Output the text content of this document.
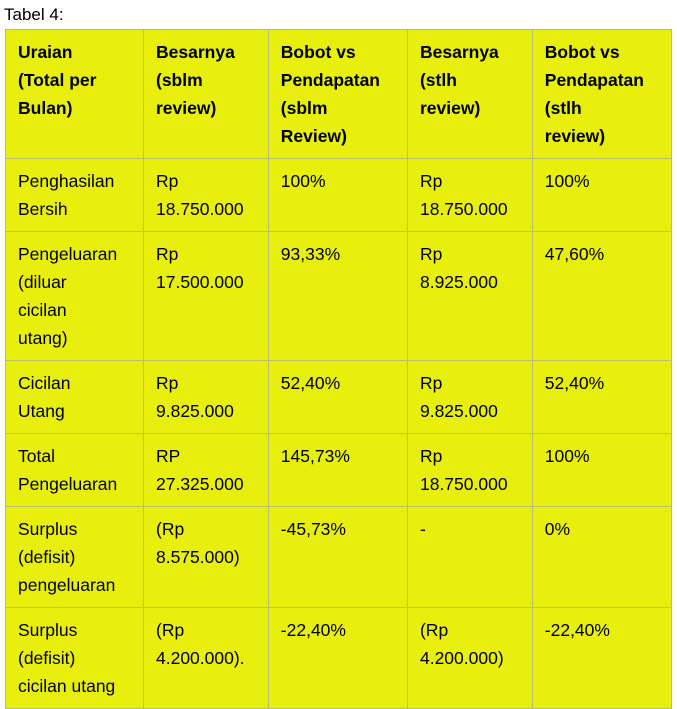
Tabel 4:
Uraian
(Total per
Bulan)	Besarnya
(sblm
review)	Bobot vs
Pendapatan
(sblm
Review)	Besarnya
(stlh
review)	Bobot vs
Pendapatan
(stlh
review)
Penghasilan
Bersih	Rp
18.750.000	100%	Rp
18.750.000	100%
Pengeluaran
(diluar
cicilan
utang)	Rp
17.500.000	93,33%	Rp
8.925.000	47,60%
Cicilan
Utang	Rp
9.825.000	52,40%	Rp
9.825.000	52,40%
Total
Pengeluaran	RP
27.325.000	145,73%	Rp
18.750.000	100%
Surplus
(defisit)
pengeluaran	(Rp
8.575.000)	-45,73%	-	0%
Surplus
(defisit)
cicilan utang	(Rp
4.200.000).	-22,40%	(Rp
4.200.000)	-22,40%
